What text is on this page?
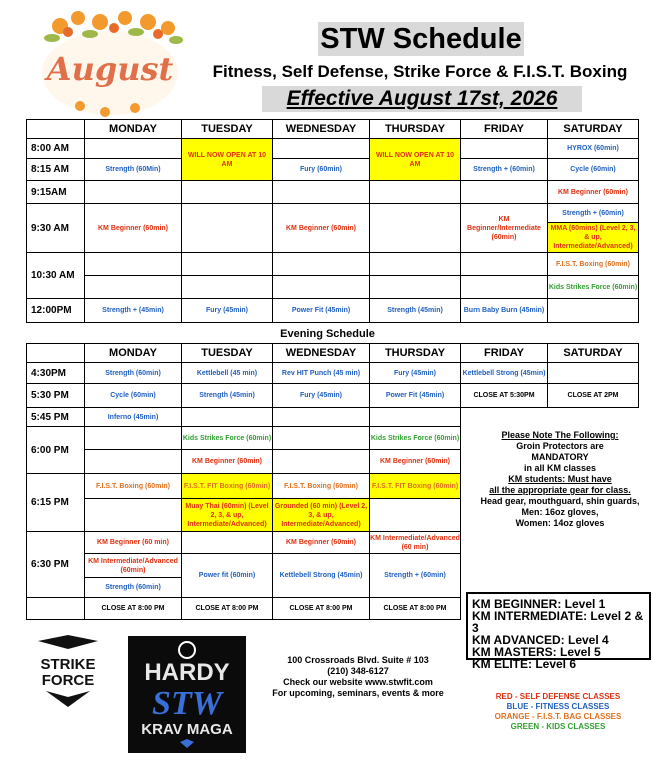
August
STW Schedule
Fitness, Self Defense, Strike Force & F.I.S.T. Boxing
Effective August 17st, 2026
	MONDAY	TUESDAY	WEDNESDAY	THURSDAY	FRIDAY	SATURDAY
8:00 AM		WILL NOW OPEN AT 10 AM		WILL NOW OPEN AT 10 AM		HYROX (60min)
8:15 AM	Strength (60Min)		Fury (60min)		Strength + (60min)	Cycle (60min)
9:15AM						KM Beginner (60min)
9:30 AM	KM Beginner (60min)		KM Beginner (60min)		KM Beginner/Intermediate (60min)	Strength + (60min)
						MMA (60mins) (Level 2, 3, & up, Intermediate/Advanced)
10:30 AM						F.I.S.T. Boxing (60min)
						Kids Strikes Force (60min)
12:00PM	Strength + (45min)	Fury (45min)	Power Fit (45min)	Strength (45min)	Burn Baby Burn (45min)	
Evening Schedule
	MONDAY	TUESDAY	WEDNESDAY	THURSDAY	FRIDAY	SATURDAY	
4:30PM	Strength (60min)	Kettlebell (45 min)	Rev HIT Punch (45 min)	Fury (45min)	Kettlebell Strong (45min)		
5:30 PM	Cycle (60min)	Strength (45min)	Fury (45min)	Power Fit (45min)	CLOSE AT 5:30PM	CLOSE AT 2PM	
5:45 PM	Inferno (45min)						
6:00 PM		Kids Strikes Force (60min)		Kids Strikes Force (60min)			
		KM Beginner (60min)		KM Beginner (60min)			
6:15 PM	F.I.S.T. Boxing (60min)	F.I.S.T. FIT Boxing (60min)	F.I.S.T. Boxing (60min)	F.I.S.T. FIT Boxing (60min)			
		Muay Thai (60min) (Level 2, 3, & up, Intermediate/Advanced)	Grounded (60 min) (Level 2, 3, & up, Intermediate/Advanced)				
6:30 PM	KM Beginner (60 min)		KM Beginner (60min)	KM Intermediate/Advanced (60 min)			
	KM Intermediate/Advanced (60min)	Power fit (60min)	Kettlebell Strong (45min)	Strength + (60min)			
	Strength (60min)						
	CLOSE AT 8:00 PM	CLOSE AT 8:00 PM	CLOSE AT 8:00 PM	CLOSE AT 8:00 PM			
Please Note The Following:
Groin Protectors are
MANDATORY
in all KM classes
KM students: Must have
all the appropriate gear for class.
Head gear, mouthguard, shin guards,
Men: 16oz gloves,
Women: 14oz gloves
KM BEGINNER: Level 1
KM INTERMEDIATE: Level 2 & 3
KM ADVANCED: Level 4
KM MASTERS: Level 5
KM ELITE: Level 6
STRIKE
FORCE HARDY
STW
KRAV MAGA
100 Crossroads Blvd. Suite # 103
(210) 348-6127
Check our website www.stwfit.com
For upcoming, seminars, events & more	RED - SELF DEFENSE CLASSES
BLUE - FITNESS CLASSES
ORANGE - F.I.S.T. BAG CLASSES
GREEN - KIDS CLASSES
